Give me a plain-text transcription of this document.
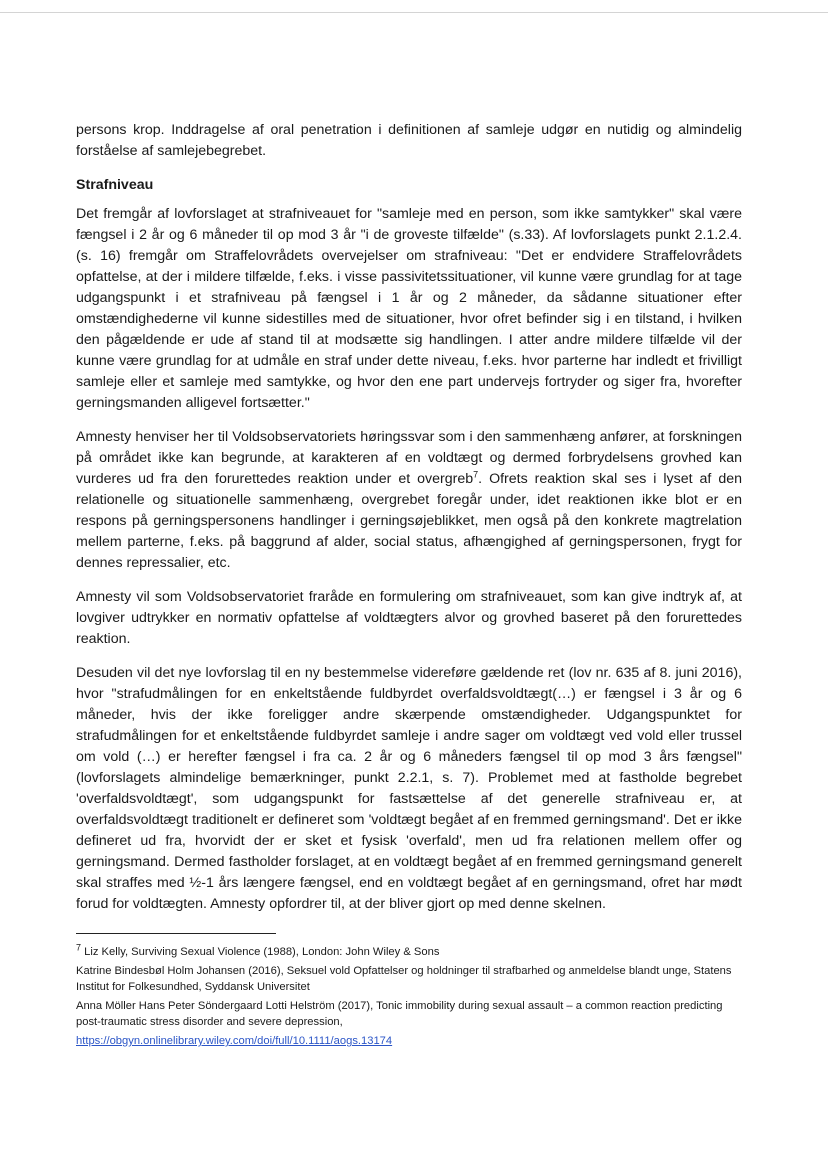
persons krop. Inddragelse af oral penetration i definitionen af samleje udgør en nutidig og almindelig forståelse af samlejebegrebet.

Strafniveau

Det fremgår af lovforslaget at strafniveauet for "samleje med en person, som ikke samtykker" skal være fængsel i 2 år og 6 måneder til op mod 3 år "i de groveste tilfælde" (s.33). Af lovforslagets punkt 2.1.2.4. (s. 16) fremgår om Straffelovrådets overvejelser om strafniveau: "Det er endvidere Straffelovrådets opfattelse, at der i mildere tilfælde, f.eks. i visse passivitetssituationer, vil kunne være grundlag for at tage udgangspunkt i et strafniveau på fængsel i 1 år og 2 måneder, da sådanne situationer efter omstændighederne vil kunne sidestilles med de situationer, hvor ofret befinder sig i en tilstand, i hvilken den pågældende er ude af stand til at modsætte sig handlingen. I atter andre mildere tilfælde vil der kunne være grundlag for at udmåle en straf under dette niveau, f.eks. hvor parterne har indledt et frivilligt samleje eller et samleje med samtykke, og hvor den ene part undervejs fortryder og siger fra, hvorefter gerningsmanden alligevel fortsætter."

Amnesty henviser her til Voldsobservatoriets høringssvar som i den sammenhæng anfører, at forskningen på området ikke kan begrunde, at karakteren af en voldtægt og dermed forbrydelsens grovhed kan vurderes ud fra den forurettedes reaktion under et overgreb$^7$. Ofrets reaktion skal ses i lyset af den relationelle og situationelle sammenhæng, overgrebet foregår under, idet reaktionen ikke blot er en respons på gerningspersonens handlinger i gerningsøjeblikket, men også på den konkrete magtrelation mellem parterne, f.eks. på baggrund af alder, social status, afhængighed af gerningspersonen, frygt for dennes repressalier, etc.

Amnesty vil som Voldsobservatoriet fraråde en formulering om strafniveauet, som kan give indtryk af, at lovgiver udtrykker en normativ opfattelse af voldtægters alvor og grovhed baseret på den forurettedes reaktion.

Desuden vil det nye lovforslag til en ny bestemmelse videreføre gældende ret (lov nr. 635 af 8. juni 2016), hvor "strafudmålingen for en enkeltstående fuldbyrdet overfaldsvoldtægt(…) er fængsel i 3 år og 6 måneder, hvis der ikke foreligger andre skærpende omstændigheder. Udgangspunktet for strafudmålingen for et enkeltstående fuldbyrdet samleje i andre sager om voldtægt ved vold eller trussel om vold (…) er herefter fængsel i fra ca. 2 år og 6 måneders fængsel til op mod 3 års fængsel" (lovforslagets almindelige bemærkninger, punkt 2.2.1, s. 7). Problemet med at fastholde begrebet 'overfaldsvoldtægt', som udgangspunkt for fastsættelse af det generelle strafniveau er, at overfaldsvoldtægt traditionelt er defineret som 'voldtægt begået af en fremmed gerningsmand'. Det er ikke defineret ud fra, hvorvidt der er sket et fysisk 'overfald', men ud fra relationen mellem offer og gerningsmand. Dermed fastholder forslaget, at en voldtægt begået af en fremmed gerningsmand generelt skal straffes med ½-1 års længere fængsel, end en voldtægt begået af en gerningsmand, ofret har mødt forud for voldtægten. Amnesty opfordrer til, at der bliver gjort op med denne skelnen.

$^7$ Liz Kelly, Surviving Sexual Violence (1988), London: John Wiley & Sons
Katrine Bindesbøl Holm Johansen (2016), Seksuel vold Opfattelser og holdninger til strafbarhed og anmeldelse blandt unge, Statens Institut for Folkesundhed, Syddansk Universitet
Anna Möller Hans Peter Söndergaard Lotti Helström (2017), Tonic immobility during sexual assault – a common reaction predicting post-traumatic stress disorder and severe depression,
https://obgyn.onlinelibrary.wiley.com/doi/full/10.1111/aogs.13174
